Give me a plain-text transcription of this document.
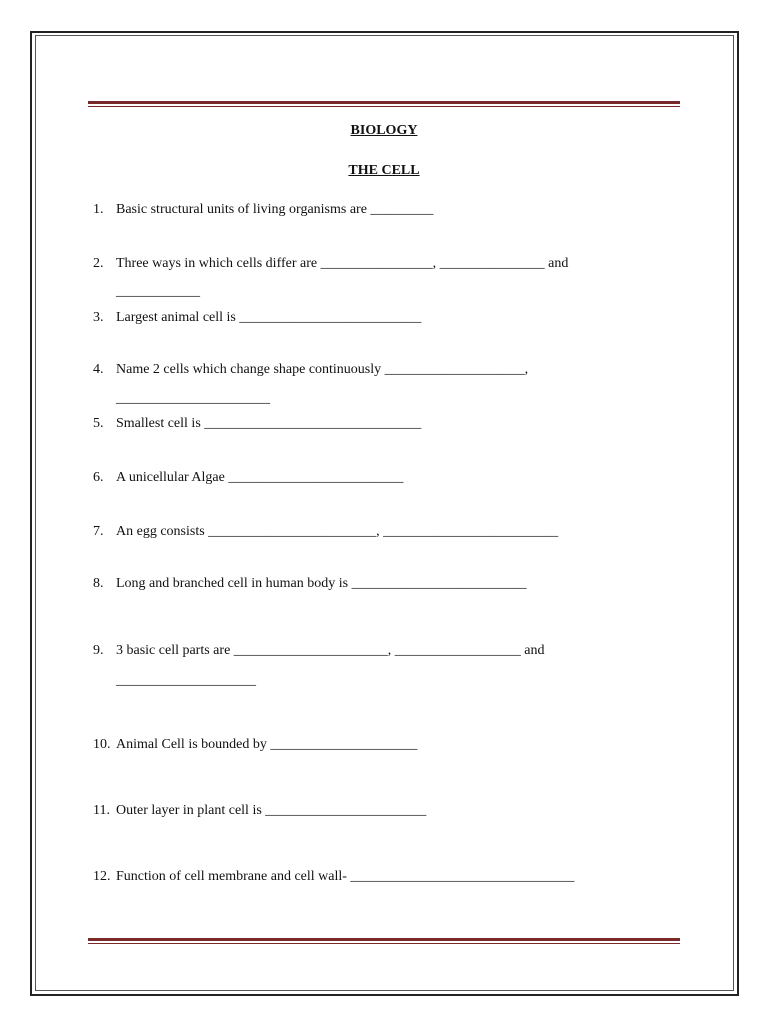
BIOLOGY
THE CELL
1. Basic structural units of living organisms are _________
2. Three ways in which cells differ are ________________, _______________ and
____________
3. Largest animal cell is __________________________
4. Name 2 cells which change shape continuously ____________________,
______________________
5. Smallest cell is _______________________________
6. A unicellular Algae _________________________
7. An egg consists ________________________, _________________________
8. Long and branched cell in human body is _________________________
9. 3 basic cell parts are ______________________, __________________ and
____________________
10. Animal Cell is bounded by _____________________
11. Outer layer in plant cell is _______________________
12. Function of cell membrane and cell wall- ________________________________
